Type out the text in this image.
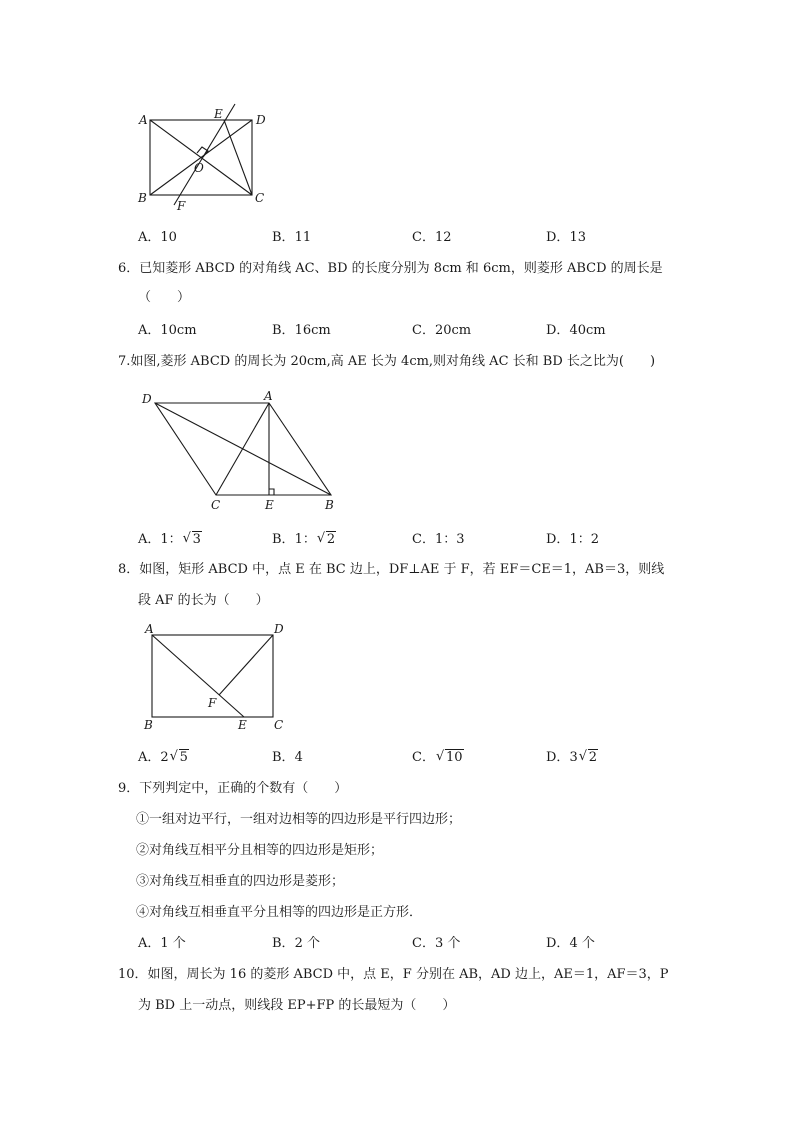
A
B	C
D
E
F
O
A．10	B．11	C．12	D．13
6．已知菱形 ABCD 的对角线 AC、BD 的长度分别为 8cm 和 6cm，则菱形 ABCD 的周长是
（　　）
A．10cm	B．16cm	C．20cm	D．40cm
7.如图,菱形 ABCD 的周长为 20cm,高 AE 长为 4cm,则对角线 AC 长和 BD 长之比为(　　)
D	A
C	E	B
A．1： √ 3	B．1： √ 2	C．1：3	D．1：2
8．如图，矩形 ABCD 中，点 E 在 BC 边上，DF⊥AE 于 F，若 EF＝CE＝1，AB＝3，则线
段 AF 的长为（　　）
A	D
B	E C
F
A．2 √ 5	B．4	C． √ 10	D．3 √ 2
9．下列判定中，正确的个数有（　　）
①一组对边平行，一组对边相等的四边形是平行四边形；
②对角线互相平分且相等的四边形是矩形；
③对角线互相垂直的四边形是菱形；
④对角线互相垂直平分且相等的四边形是正方形．
A．1 个	B．2 个	C．3 个	D．4 个
10．如图，周长为 16 的菱形 ABCD 中，点 E，F 分别在 AB，AD 边上，AE＝1，AF＝3，P
为 BD 上一动点，则线段 EP+FP 的长最短为（　　）
